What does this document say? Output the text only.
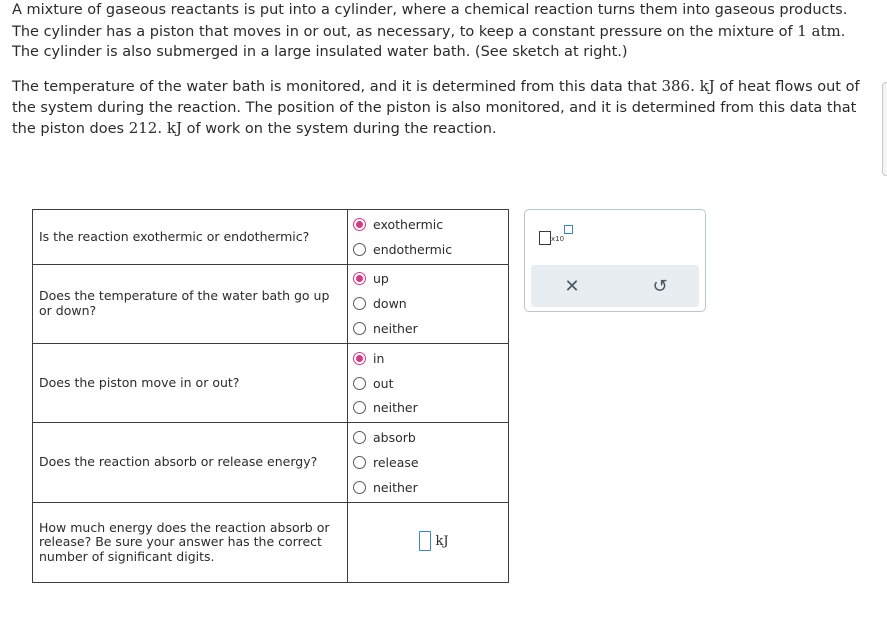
A mixture of gaseous reactants is put into a cylinder, where a chemical reaction turns them into gaseous products. The cylinder has a piston that moves in or out, as necessary, to keep a constant pressure on the mixture of 1 atm. The cylinder is also submerged in a large insulated water bath. (See sketch at right.)

The temperature of the water bath is monitored, and it is determined from this data that 386. kJ of heat flows out of the system during the reaction. The position of the piston is also monitored, and it is determined from this data that the piston does 212. kJ of work on the system during the reaction.

Is the reaction exothermic or endothermic?	exothermic
endothermic

Does the temperature of the water bath go up or down?	up
down
neither

Does the piston move in or out?	in
out
neither

Does the reaction absorb or release energy?	absorb
release
neither

How much energy does the reaction absorb or release? Be sure your answer has the correct number of significant digits.	kJ
x10
✕	↺
